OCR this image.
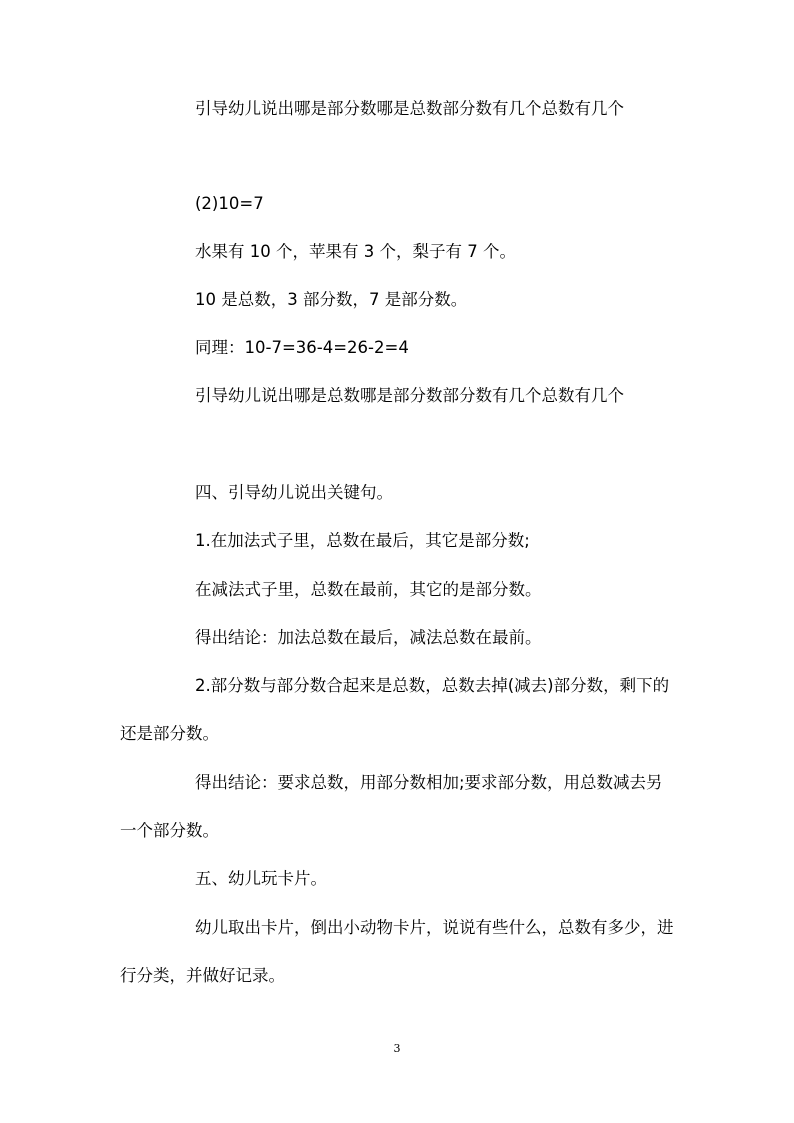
引导幼儿说出哪是部分数哪是总数部分数有几个总数有几个

(2)10=7

水果有 10 个，苹果有 3 个，梨子有 7 个。

10 是总数，3 部分数，7 是部分数。

同理：10-7=36-4=26-2=4

引导幼儿说出哪是总数哪是部分数部分数有几个总数有几个

四、引导幼儿说出关键句。

1.在加法式子里，总数在最后，其它是部分数;

在减法式子里，总数在最前，其它的是部分数。

得出结论：加法总数在最后，减法总数在最前。

2.部分数与部分数合起来是总数，总数去掉(减去)部分数，剩下的还是部分数。

得出结论：要求总数，用部分数相加;要求部分数，用总数减去另一个部分数。

五、幼儿玩卡片。

幼儿取出卡片，倒出小动物卡片，说说有些什么，总数有多少，进行分类，并做好记录。

3
